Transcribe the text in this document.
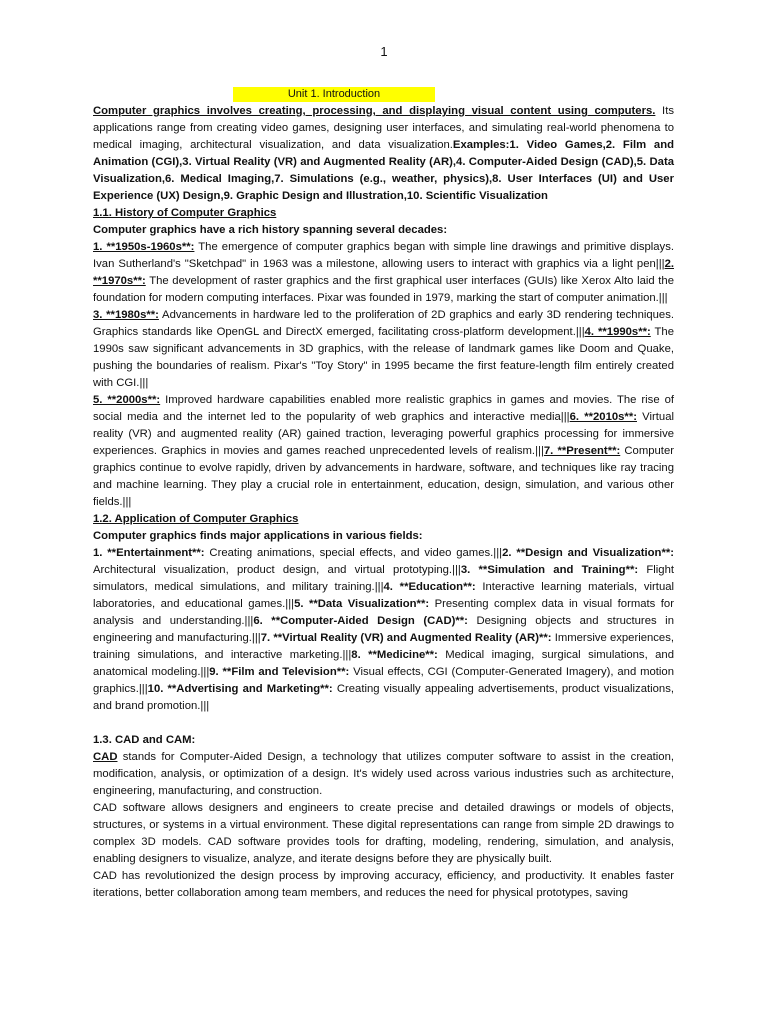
1
Unit 1. Introduction

Computer graphics involves creating, processing, and displaying visual content using computers. Its applications range from creating video games, designing user interfaces, and simulating real-world phenomena to medical imaging, architectural visualization, and data visualization.Examples:1. Video Games,2. Film and Animation (CGI),3. Virtual Reality (VR) and Augmented Reality (AR),4. Computer-Aided Design (CAD),5. Data Visualization,6. Medical Imaging,7. Simulations (e.g., weather, physics),8. User Interfaces (UI) and User Experience (UX) Design,9. Graphic Design and Illustration,10. Scientific Visualization

1.1. History of Computer Graphics

Computer graphics have a rich history spanning several decades:

1. **1950s-1960s**: The emergence of computer graphics began with simple line drawings and primitive displays. Ivan Sutherland's "Sketchpad" in 1963 was a milestone, allowing users to interact with graphics via a light pen|||2. **1970s**: The development of raster graphics and the first graphical user interfaces (GUIs) like Xerox Alto laid the foundation for modern computing interfaces. Pixar was founded in 1979, marking the start of computer animation.|||

3. **1980s**: Advancements in hardware led to the proliferation of 2D graphics and early 3D rendering techniques. Graphics standards like OpenGL and DirectX emerged, facilitating cross-platform development.|||4. **1990s**: The 1990s saw significant advancements in 3D graphics, with the release of landmark games like Doom and Quake, pushing the boundaries of realism. Pixar's "Toy Story" in 1995 became the first feature-length film entirely created with CGI.|||

5. **2000s**: Improved hardware capabilities enabled more realistic graphics in games and movies. The rise of social media and the internet led to the popularity of web graphics and interactive media|||6. **2010s**: Virtual reality (VR) and augmented reality (AR) gained traction, leveraging powerful graphics processing for immersive experiences. Graphics in movies and games reached unprecedented levels of realism.|||7. **Present**: Computer graphics continue to evolve rapidly, driven by advancements in hardware, software, and techniques like ray tracing and machine learning. They play a crucial role in entertainment, education, design, simulation, and various other fields.|||

1.2. Application of Computer Graphics

Computer graphics finds major applications in various fields:

1. **Entertainment**: Creating animations, special effects, and video games.|||2. **Design and Visualization**: Architectural visualization, product design, and virtual prototyping.|||3. **Simulation and Training**: Flight simulators, medical simulations, and military training.|||4. **Education**: Interactive learning materials, virtual laboratories, and educational games.|||5. **Data Visualization**: Presenting complex data in visual formats for analysis and understanding.|||6. **Computer-Aided Design (CAD)**: Designing objects and structures in engineering and manufacturing.|||7. **Virtual Reality (VR) and Augmented Reality (AR)**: Immersive experiences, training simulations, and interactive marketing.|||8. **Medicine**: Medical imaging, surgical simulations, and anatomical modeling.|||9. **Film and Television**: Visual effects, CGI (Computer-Generated Imagery), and motion graphics.|||10. **Advertising and Marketing**: Creating visually appealing advertisements, product visualizations, and brand promotion.|||

1.3. CAD and CAM:

CAD stands for Computer-Aided Design, a technology that utilizes computer software to assist in the creation, modification, analysis, or optimization of a design. It's widely used across various industries such as architecture, engineering, manufacturing, and construction.

CAD software allows designers and engineers to create precise and detailed drawings or models of objects, structures, or systems in a virtual environment. These digital representations can range from simple 2D drawings to complex 3D models. CAD software provides tools for drafting, modeling, rendering, simulation, and analysis, enabling designers to visualize, analyze, and iterate designs before they are physically built.

CAD has revolutionized the design process by improving accuracy, efficiency, and productivity. It enables faster iterations, better collaboration among team members, and reduces the need for physical prototypes, saving
